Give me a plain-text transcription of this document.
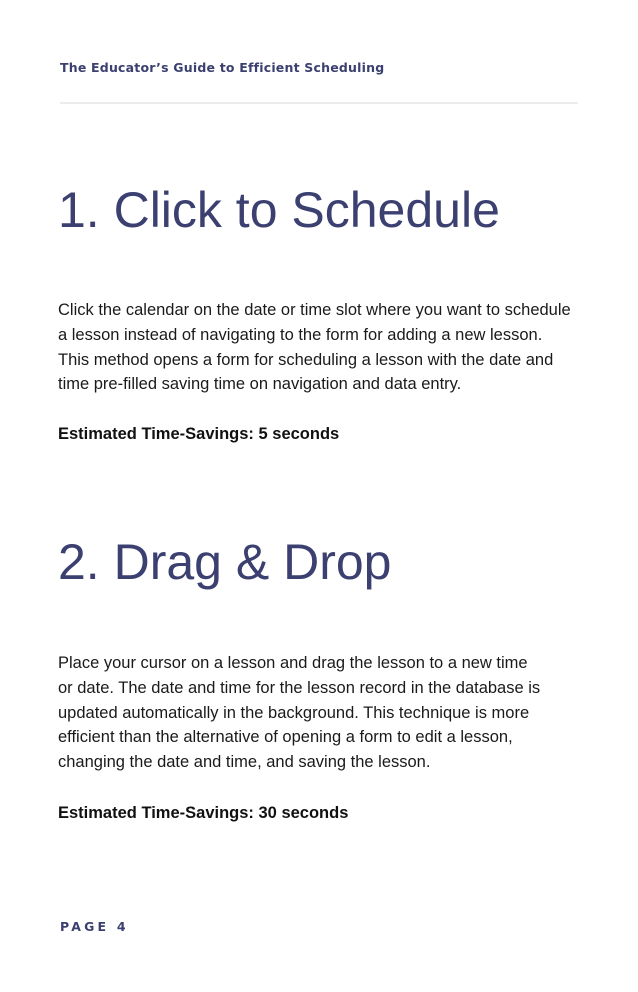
The Educator’s Guide to Efficient Scheduling
1. Click to Schedule
Click the calendar on the date or time slot where you want to schedule
a lesson instead of navigating to the form for adding a new lesson.
This method opens a form for scheduling a lesson with the date and
time pre-filled saving time on navigation and data entry.

Estimated Time-Savings: 5 seconds

2. Drag & Drop
Place your cursor on a lesson and drag the lesson to a new time
or date. The date and time for the lesson record in the database is
updated automatically in the background. This technique is more
efficient than the alternative of opening a form to edit a lesson,
changing the date and time, and saving the lesson.

Estimated Time-Savings: 30 seconds

PAGE 4
